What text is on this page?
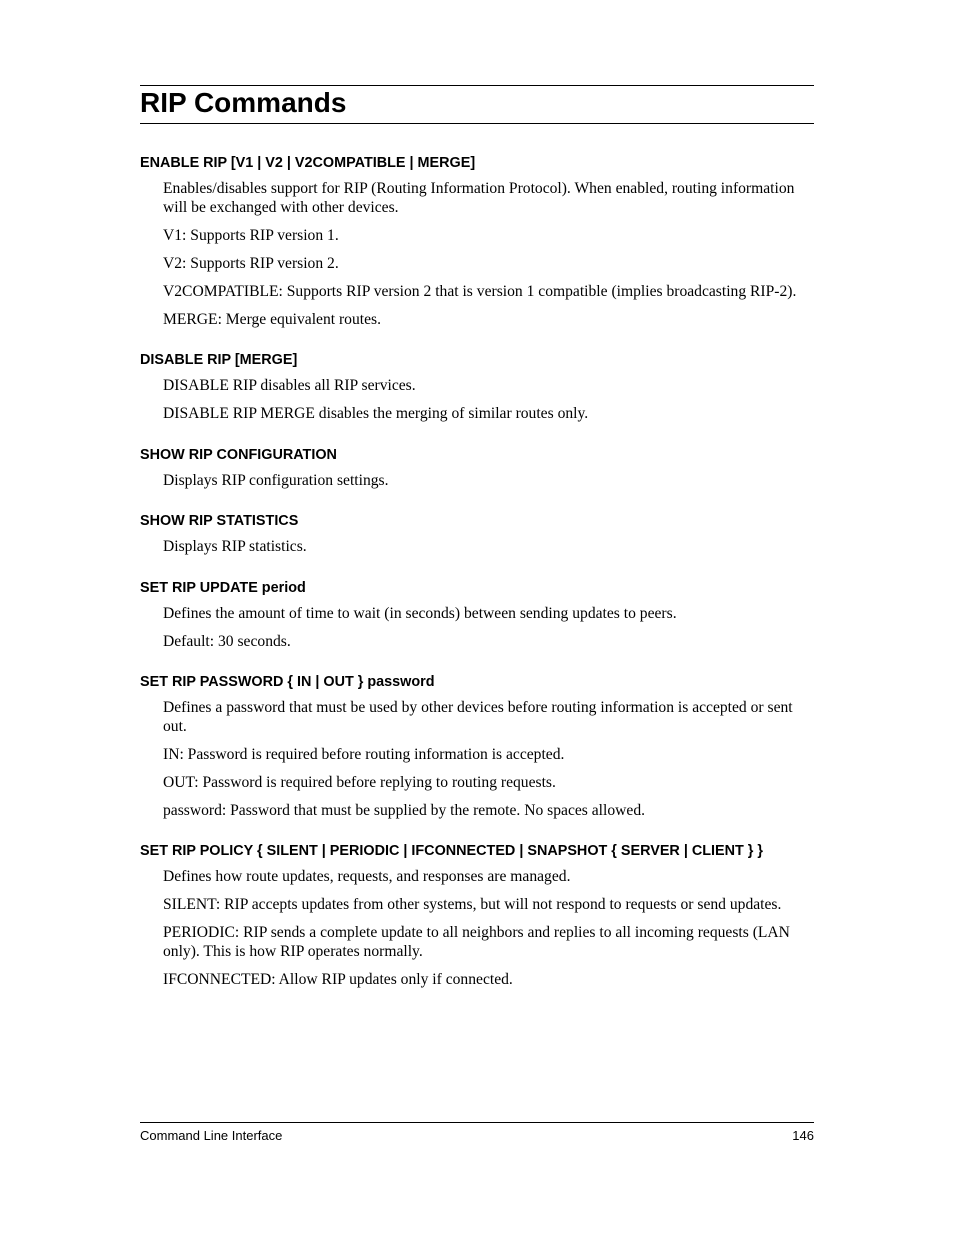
RIP Commands
ENABLE RIP [V1 | V2 | V2COMPATIBLE | MERGE]

Enables/disables support for RIP (Routing Information Protocol). When enabled, routing information will be exchanged with other devices.

V1: Supports RIP version 1.

V2: Supports RIP version 2.

V2COMPATIBLE: Supports RIP version 2 that is version 1 compatible (implies broadcasting RIP-2).

MERGE: Merge equivalent routes.

DISABLE RIP [MERGE]

DISABLE RIP disables all RIP services.

DISABLE RIP MERGE disables the merging of similar routes only.

SHOW RIP CONFIGURATION

Displays RIP configuration settings.

SHOW RIP STATISTICS

Displays RIP statistics.

SET RIP UPDATE period

Defines the amount of time to wait (in seconds) between sending updates to peers.

Default: 30 seconds.

SET RIP PASSWORD { IN | OUT } password

Defines a password that must be used by other devices before routing information is accepted or sent out.

IN: Password is required before routing information is accepted.

OUT: Password is required before replying to routing requests.

password: Password that must be supplied by the remote. No spaces allowed.

SET RIP POLICY { SILENT | PERIODIC | IFCONNECTED | SNAPSHOT { SERVER | CLIENT } }

Defines how route updates, requests, and responses are managed.

SILENT: RIP accepts updates from other systems, but will not respond to requests or send updates.

PERIODIC: RIP sends a complete update to all neighbors and replies to all incoming requests (LAN only). This is how RIP operates normally.

IFCONNECTED: Allow RIP updates only if connected.

Command Line Interface	146
